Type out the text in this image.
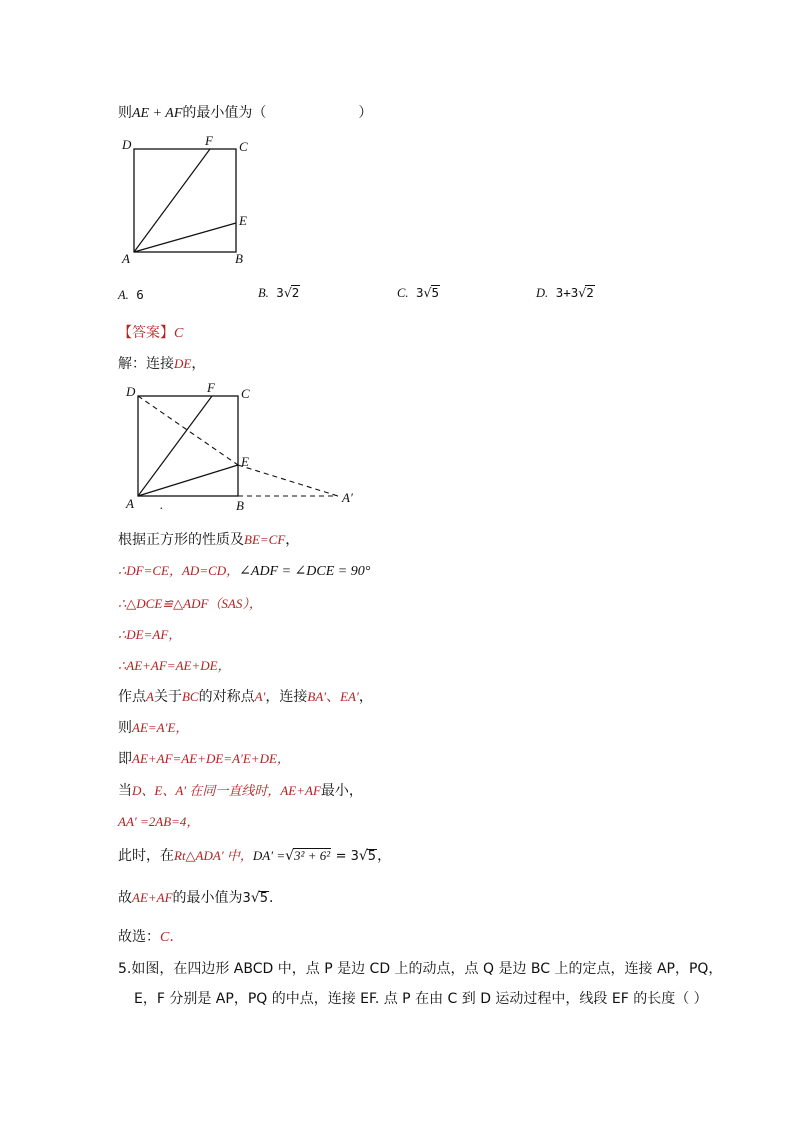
则AE + AF的最小值为（	）
D	F C
E
A	B
A. 6	B. 3√2	C. 3√5	D. 3+3√2
【答案】C
解：连接DE，
D	F C
E
A	B
A′
.
根据正方形的性质及BE=CF，
∴DF=CE，AD=CD，∠ADF = ∠DCE = 90°
∴△DCE≌△ADF（SAS），
∴DE=AF，
∴AE+AF=AE+DE，
作点A关于BC的对称点A′，连接BA′、EA′，
则AE=A′E，
即AE+AF=AE+DE=A′E+DE，
当D、E、A′ 在同一直线时，AE+AF最小，
AA′ =2AB=4，
此时，在Rt△ADA′ 中，DA′ =√3² + 6² = 3√5，
故AE+AF的最小值为3√5.
故选：C.
5.如图，在四边形 ABCD 中，点 P 是边 CD 上的动点，点 Q 是边 BC 上的定点，连接 AP，PQ，
E，F 分别是 AP，PQ 的中点，连接 EF. 点 P 在由 C 到 D 运动过程中，线段 EF 的长度（ ）
